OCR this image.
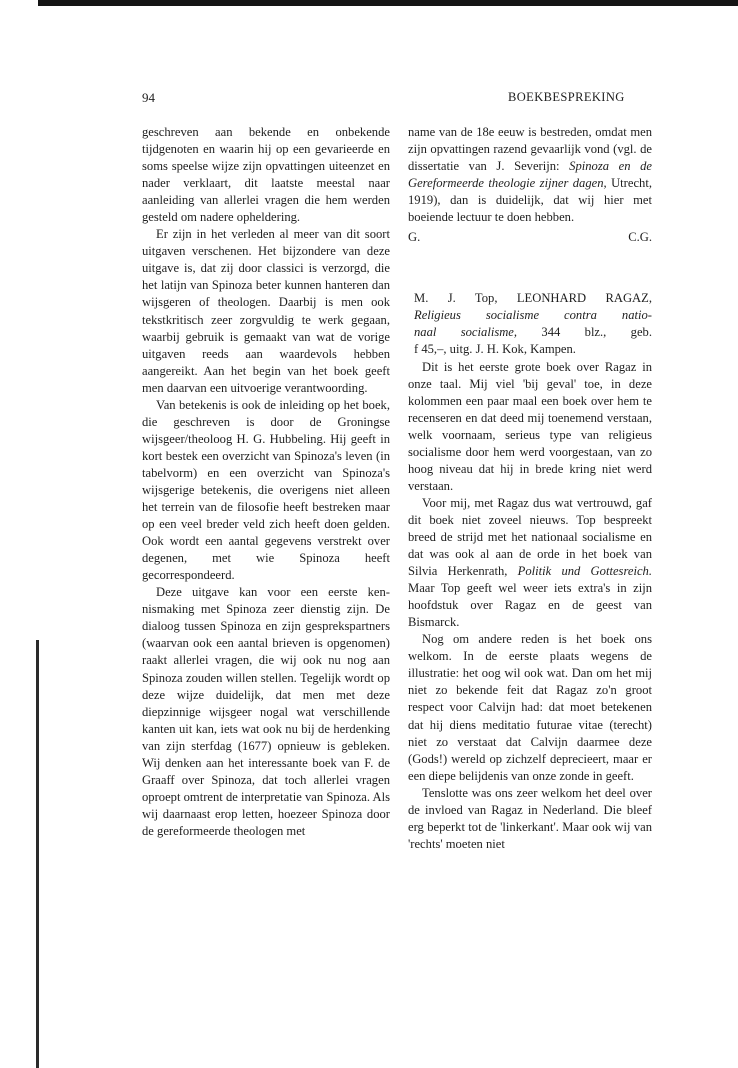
94	BOEKBESPREKING

geschreven aan bekende en onbekende tijdgenoten en waarin hij op een gevarieerde en soms speelse wijze zijn opvattingen uiteenzet en nader verklaart, dit laatste meestal naar aanleiding van allerlei vragen die hem werden gesteld om nadere opheldering.

Er zijn in het verleden al meer van dit soort uitgaven verschenen. Het bijzondere van deze uitgave is, dat zij door classici is verzorgd, die het latijn van Spinoza beter kunnen hanteren dan wijsgeren of theologen. Daarbij is men ook tekstkritisch zeer zorgvuldig te werk gegaan, waarbij gebruik is gemaakt van wat de vorige uitgaven reeds aan waardevols hebben aangereikt. Aan het begin van het boek geeft men daarvan een uitvoerige verantwoording.

Van betekenis is ook de inleiding op het boek, die geschreven is door de Groningse wijsgeer/theoloog H. G. Hubbeling. Hij geeft in kort bestek een overzicht van Spinoza's leven (in tabelvorm) en een overzicht van Spinoza's wijsgerige betekenis, die overigens niet alleen het terrein van de filosofie heeft bestreken maar op een veel breder veld zich heeft doen gelden. Ook wordt een aantal gegevens verstrekt over degenen, met wie Spinoza heeft gecorrespondeerd.

Deze uitgave kan voor een eerste kennismaking met Spinoza zeer dienstig zijn. De dialoog tussen Spinoza en zijn gesprekspartners (waarvan ook een aantal brieven is opgenomen) raakt allerlei vragen, die wij ook nu nog aan Spinoza zouden willen stellen. Tegelijk wordt op deze wijze duidelijk, dat men met deze diepzinnige wijsgeer nogal wat verschillende kanten uit kan, iets wat ook nu bij de herdenking van zijn sterfdag (1677) opnieuw is gebleken. Wij denken aan het interessante boek van F. de Graaff over Spinoza, dat toch allerlei vragen oproept omtrent de interpretatie van Spinoza. Als wij daarnaast erop letten, hoezeer Spinoza door de gereformeerde theologen met

name van de 18e eeuw is bestreden, omdat men zijn opvattingen razend gevaarlijk vond (vgl. de dissertatie van J. Severijn: Spinoza en de Gereformeerde theologie zijner dagen, Utrecht, 1919), dan is duidelijk, dat wij hier met boeiende lectuur te doen hebben.

G.	C.G.
M. J. Top, LEONHARD RAGAZ,
Religieus socialisme contra natio-
naal socialisme, 344 blz., geb.
f 45,–, uitg. J. H. Kok, Kampen.

Dit is het eerste grote boek over Ragaz in onze taal. Mij viel 'bij geval' toe, in deze kolommen een paar maal een boek over hem te recenseren en dat deed mij toenemend verstaan, welk voornaam, serieus type van religieus socialisme door hem werd voorgestaan, van zo hoog niveau dat hij in brede kring niet werd verstaan.

Voor mij, met Ragaz dus wat vertrouwd, gaf dit boek niet zoveel nieuws. Top bespreekt breed de strijd met het nationaal socialisme en dat was ook al aan de orde in het boek van Silvia Herkenrath, Politik und Gottesreich. Maar Top geeft wel weer iets extra's in zijn hoofdstuk over Ragaz en de geest van Bismarck.

Nog om andere reden is het boek ons welkom. In de eerste plaats wegens de illustratie: het oog wil ook wat. Dan om het mij niet zo bekende feit dat Ragaz zo'n groot respect voor Calvijn had: dat moet betekenen dat hij diens meditatio futurae vitae (terecht) niet zo verstaat dat Calvijn daarmee deze (Gods!) wereld op zichzelf deprecieert, maar er een diepe belijdenis van onze zonde in geeft.

Tenslotte was ons zeer welkom het deel over de invloed van Ragaz in Nederland. Die bleef erg beperkt tot de 'linkerkant'. Maar ook wij van 'rechts' moeten niet
